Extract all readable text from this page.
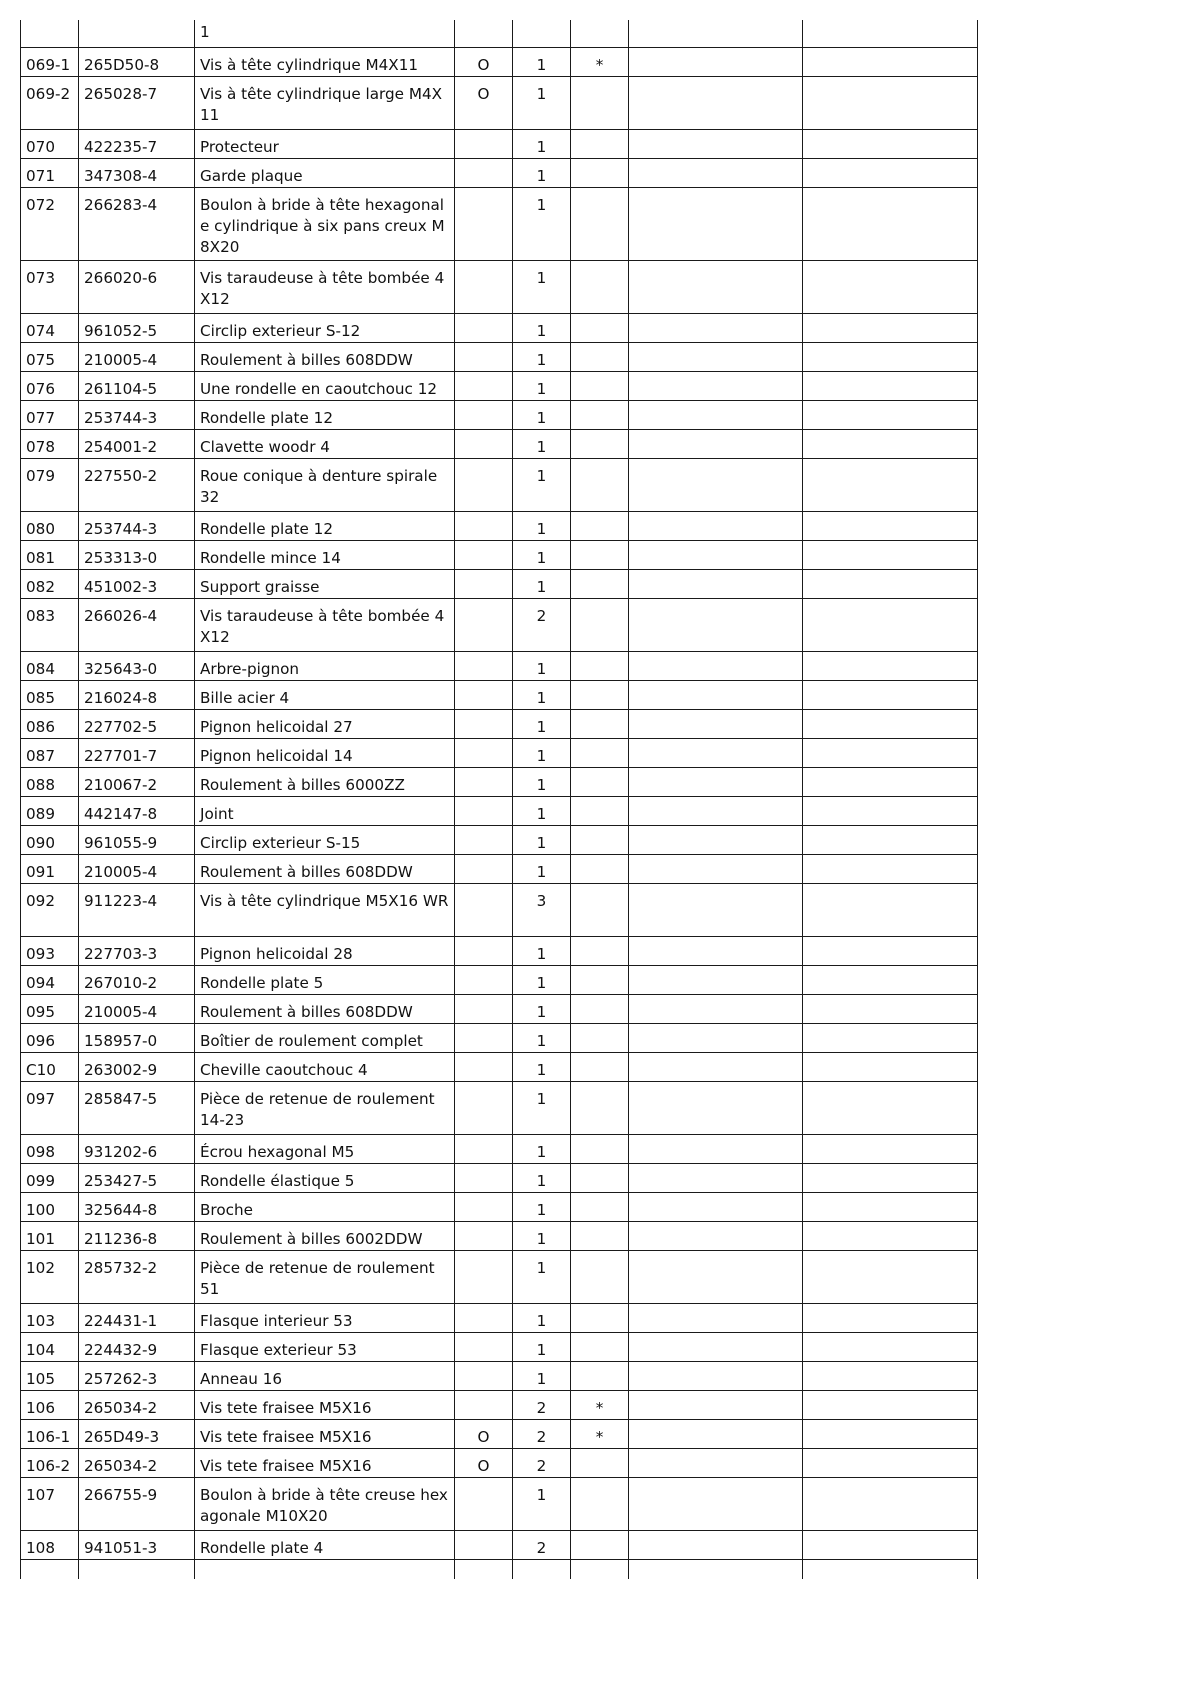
		1					
069-1	265D50-8	Vis à tête cylindrique M4X11	O	1	*		
069-2	265028-7	Vis à tête cylindrique large M4X11	O	1			
070	422235-7	Protecteur		1			
071	347308-4	Garde plaque		1			
072	266283-4	Boulon à bride à tête hexagonale cylindrique à six pans creux M8X20		1			
073	266020-6	Vis taraudeuse à tête bombée 4X12		1			
074	961052-5	Circlip exterieur S-12		1			
075	210005-4	Roulement à billes 608DDW		1			
076	261104-5	Une rondelle en caoutchouc 12		1			
077	253744-3	Rondelle plate 12		1			
078	254001-2	Clavette woodr 4		1			
079	227550-2	Roue conique à denture spirale 32		1			
080	253744-3	Rondelle plate 12		1			
081	253313-0	Rondelle mince 14		1			
082	451002-3	Support graisse		1			
083	266026-4	Vis taraudeuse à tête bombée 4X12		2			
084	325643-0	Arbre-pignon		1			
085	216024-8	Bille acier 4		1			
086	227702-5	Pignon helicoidal 27		1			
087	227701-7	Pignon helicoidal 14		1			
088	210067-2	Roulement à billes 6000ZZ		1			
089	442147-8	Joint		1			
090	961055-9	Circlip exterieur S-15		1			
091	210005-4	Roulement à billes 608DDW		1			
092	911223-4	Vis à tête cylindrique M5X16 WR		3			
093	227703-3	Pignon helicoidal 28		1			
094	267010-2	Rondelle plate 5		1			
095	210005-4	Roulement à billes 608DDW		1			
096	158957-0	Boîtier de roulement complet		1			
C10	263002-9	Cheville caoutchouc 4		1			
097	285847-5	Pièce de retenue de roulement 14-23		1			
098	931202-6	Écrou hexagonal M5		1			
099	253427-5	Rondelle élastique 5		1			
100	325644-8	Broche		1			
101	211236-8	Roulement à billes 6002DDW		1			
102	285732-2	Pièce de retenue de roulement 51		1			
103	224431-1	Flasque interieur 53		1			
104	224432-9	Flasque exterieur 53		1			
105	257262-3	Anneau 16		1			
106	265034-2	Vis tete fraisee M5X16		2	*		
106-1	265D49-3	Vis tete fraisee M5X16	O	2	*		
106-2	265034-2	Vis tete fraisee M5X16	O	2			
107	266755-9	Boulon à bride à tête creuse hexagonale M10X20		1			
108	941051-3	Rondelle plate 4		2			
